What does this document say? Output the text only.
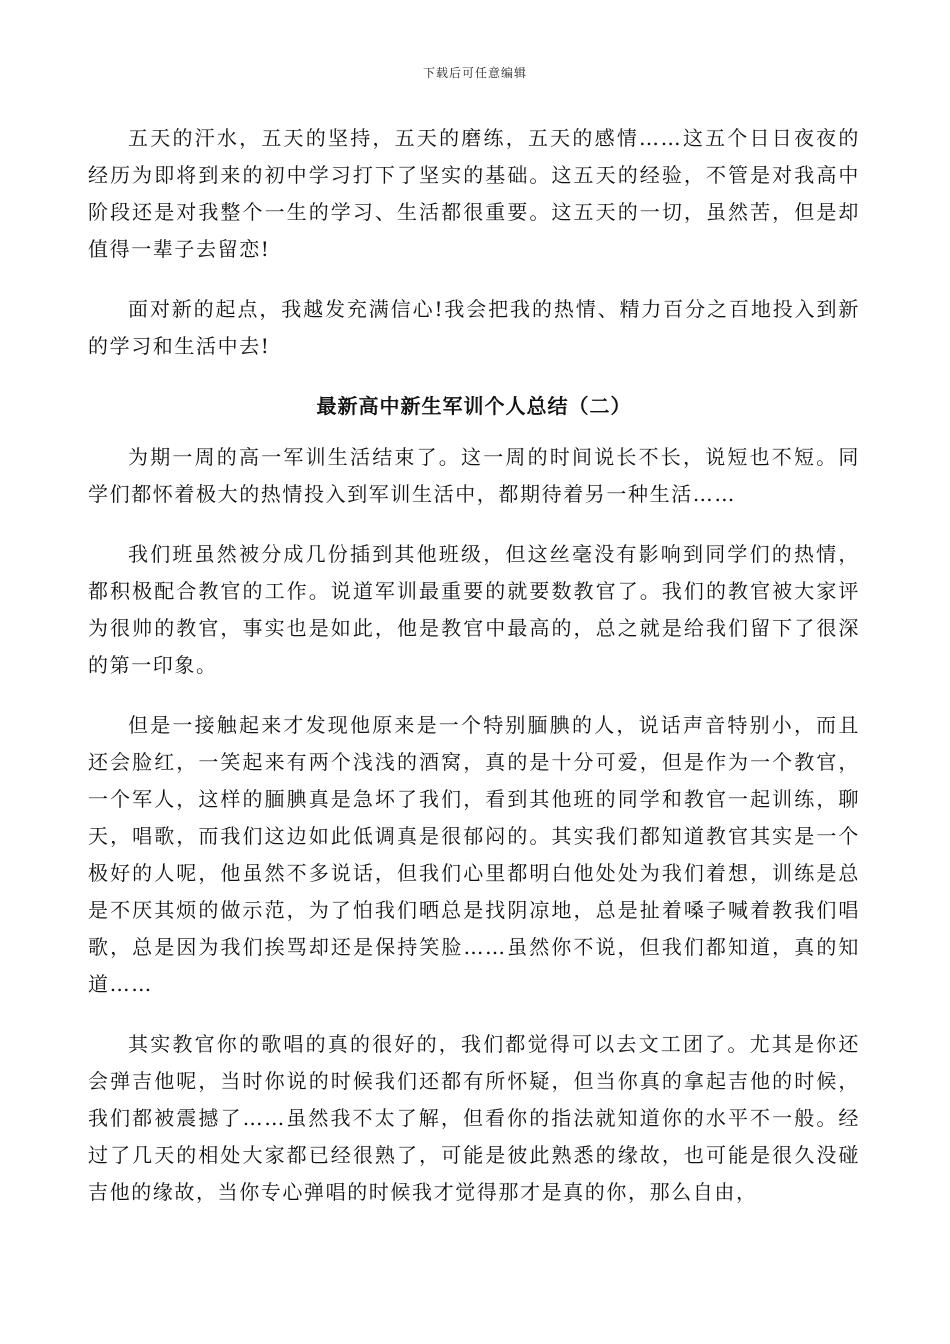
下载后可任意编辑

五天的汗水，五天的坚持，五天的磨练，五天的感情……这五个日日夜夜的经历为即将到来的初中学习打下了坚实的基础。这五天的经验，不管是对我高中阶段还是对我整个一生的学习、生活都很重要。这五天的一切，虽然苦，但是却值得一辈子去留恋!

面对新的起点，我越发充满信心!我会把我的热情、精力百分之百地投入到新的学习和生活中去!

最新高中新生军训个人总结（二）

为期一周的高一军训生活结束了。这一周的时间说长不长，说短也不短。同学们都怀着极大的热情投入到军训生活中，都期待着另一种生活……

我们班虽然被分成几份插到其他班级，但这丝毫没有影响到同学们的热情，都积极配合教官的工作。说道军训最重要的就要数教官了。我们的教官被大家评为很帅的教官，事实也是如此，他是教官中最高的，总之就是给我们留下了很深的第一印象。

但是一接触起来才发现他原来是一个特别腼腆的人，说话声音特别小，而且还会脸红，一笑起来有两个浅浅的酒窝，真的是十分可爱，但是作为一个教官，一个军人，这样的腼腆真是急坏了我们，看到其他班的同学和教官一起训练，聊天，唱歌，而我们这边如此低调真是很郁闷的。其实我们都知道教官其实是一个极好的人呢，他虽然不多说话，但我们心里都明白他处处为我们着想，训练是总是不厌其烦的做示范，为了怕我们晒总是找阴凉地，总是扯着嗓子喊着教我们唱歌，总是因为我们挨骂却还是保持笑脸……虽然你不说，但我们都知道，真的知道……

其实教官你的歌唱的真的很好的，我们都觉得可以去文工团了。尤其是你还会弹吉他呢，当时你说的时候我们还都有所怀疑，但当你真的拿起吉他的时候，我们都被震撼了……虽然我不太了解，但看你的指法就知道你的水平不一般。经过了几天的相处大家都已经很熟了，可能是彼此熟悉的缘故，也可能是很久没碰吉他的缘故，当你专心弹唱的时候我才觉得那才是真的你，那么自由，
